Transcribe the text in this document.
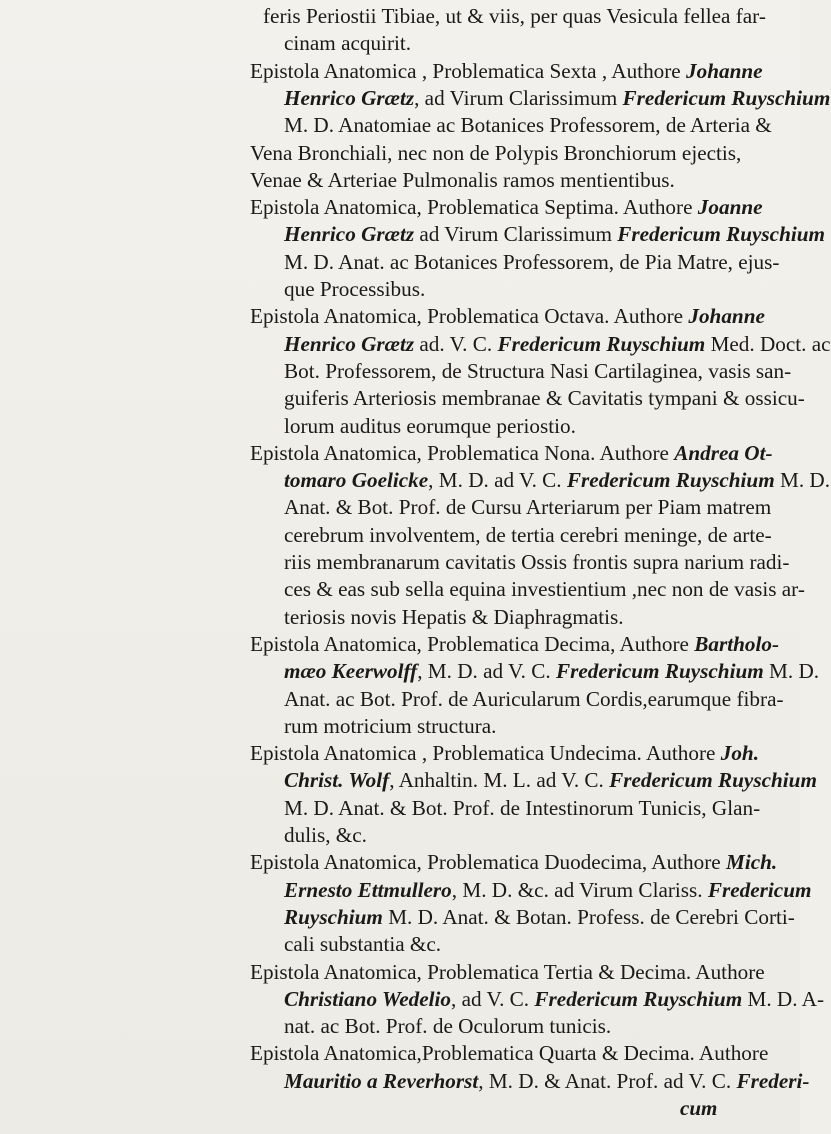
feris Periostii Tibiae, ut & viis, per quas Vesicula fellea far-
cinam acquirit.
Epistola Anatomica , Problematica Sexta , Authore Johanne
Henrico Grætz, ad Virum Clarissimum Fredericum Ruyschium
M. D. Anatomiae ac Botanices Professorem, de Arteria &
Vena Bronchiali, nec non de Polypis Bronchiorum ejectis,
Venae & Arteriae Pulmonalis ramos mentientibus.
Epistola Anatomica, Problematica Septima. Authore Joanne
Henrico Grætz ad Virum Clarissimum Fredericum Ruyschium
M. D. Anat. ac Botanices Professorem, de Pia Matre, ejus-
que Processibus.
Epistola Anatomica, Problematica Octava. Authore Johanne
Henrico Grætz ad. V. C. Fredericum Ruyschium Med. Doct. ac
Bot. Professorem, de Structura Nasi Cartilaginea, vasis san-
guiferis Arteriosis membranae & Cavitatis tympani & ossicu-
lorum auditus eorumque periostio.
Epistola Anatomica, Problematica Nona. Authore Andrea Ot-
tomaro Goelicke, M. D. ad V. C. Fredericum Ruyschium M. D.
Anat. & Bot. Prof. de Cursu Arteriarum per Piam matrem
cerebrum involventem, de tertia cerebri meninge, de arte-
riis membranarum cavitatis Ossis frontis supra narium radi-
ces & eas sub sella equina investientium ,nec non de vasis ar-
teriosis novis Hepatis & Diaphragmatis.
Epistola Anatomica, Problematica Decima, Authore Bartholo-
mæo Keerwolff, M. D. ad V. C. Fredericum Ruyschium M. D.
Anat. ac Bot. Prof. de Auricularum Cordis,earumque fibra-
rum motricium structura.
Epistola Anatomica , Problematica Undecima. Authore Joh.
Christ. Wolf, Anhaltin. M. L. ad V. C. Fredericum Ruyschium
M. D. Anat. & Bot. Prof. de Intestinorum Tunicis, Glan-
dulis, &c.
Epistola Anatomica, Problematica Duodecima, Authore Mich.
Ernesto Ettmullero, M. D. &c. ad Virum Clariss. Fredericum
Ruyschium M. D. Anat. & Botan. Profess. de Cerebri Corti-
cali substantia &c.
Epistola Anatomica, Problematica Tertia & Decima. Authore
Christiano Wedelio, ad V. C. Fredericum Ruyschium M. D. A-
nat. ac Bot. Prof. de Oculorum tunicis.
Epistola Anatomica,Problematica Quarta & Decima. Authore
Mauritio a Reverhorst, M. D. & Anat. Prof. ad V. C. Frederi-
cum
